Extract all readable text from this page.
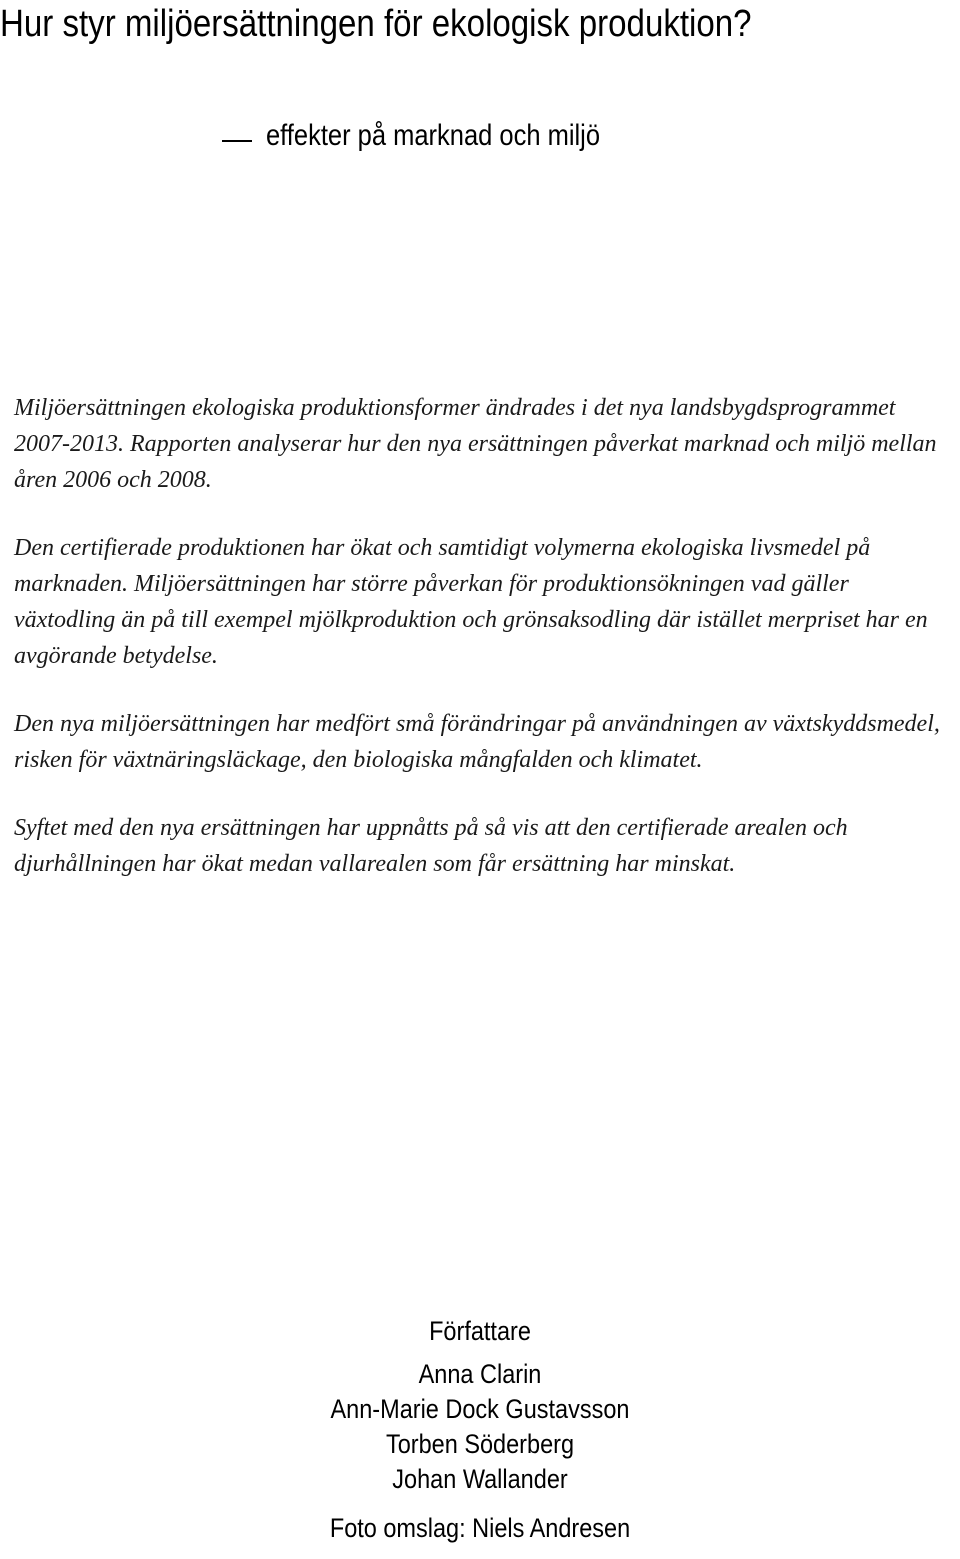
Hur styr miljöersättningen för ekologisk produktion?
effekter på marknad och miljö

Miljöersättningen ekologiska produktionsformer ändrades i det nya landsbygdsprogrammet 2007-2013. Rapporten analyserar hur den nya ersättningen påverkat marknad och miljö mellan åren 2006 och 2008.

Den certifierade produktionen har ökat och samtidigt volymerna ekologiska livsmedel på marknaden. Miljöersättningen har större påverkan för produktionsökningen vad gäller växtodling än på till exempel mjölkproduktion och grönsaksodling där istället merpriset har en avgörande betydelse.

Den nya miljöersättningen har medfört små förändringar på användningen av växtskyddsmedel, risken för växtnäringsläckage, den biologiska mångfalden och klimatet.

Syftet med den nya ersättningen har uppnåtts på så vis att den certifierade arealen och djurhållningen har ökat medan vallarealen som får ersättning har minskat.

Författare
Anna Clarin
Ann-Marie Dock Gustavsson
Torben Söderberg
Johan Wallander
Foto omslag: Niels Andresen
